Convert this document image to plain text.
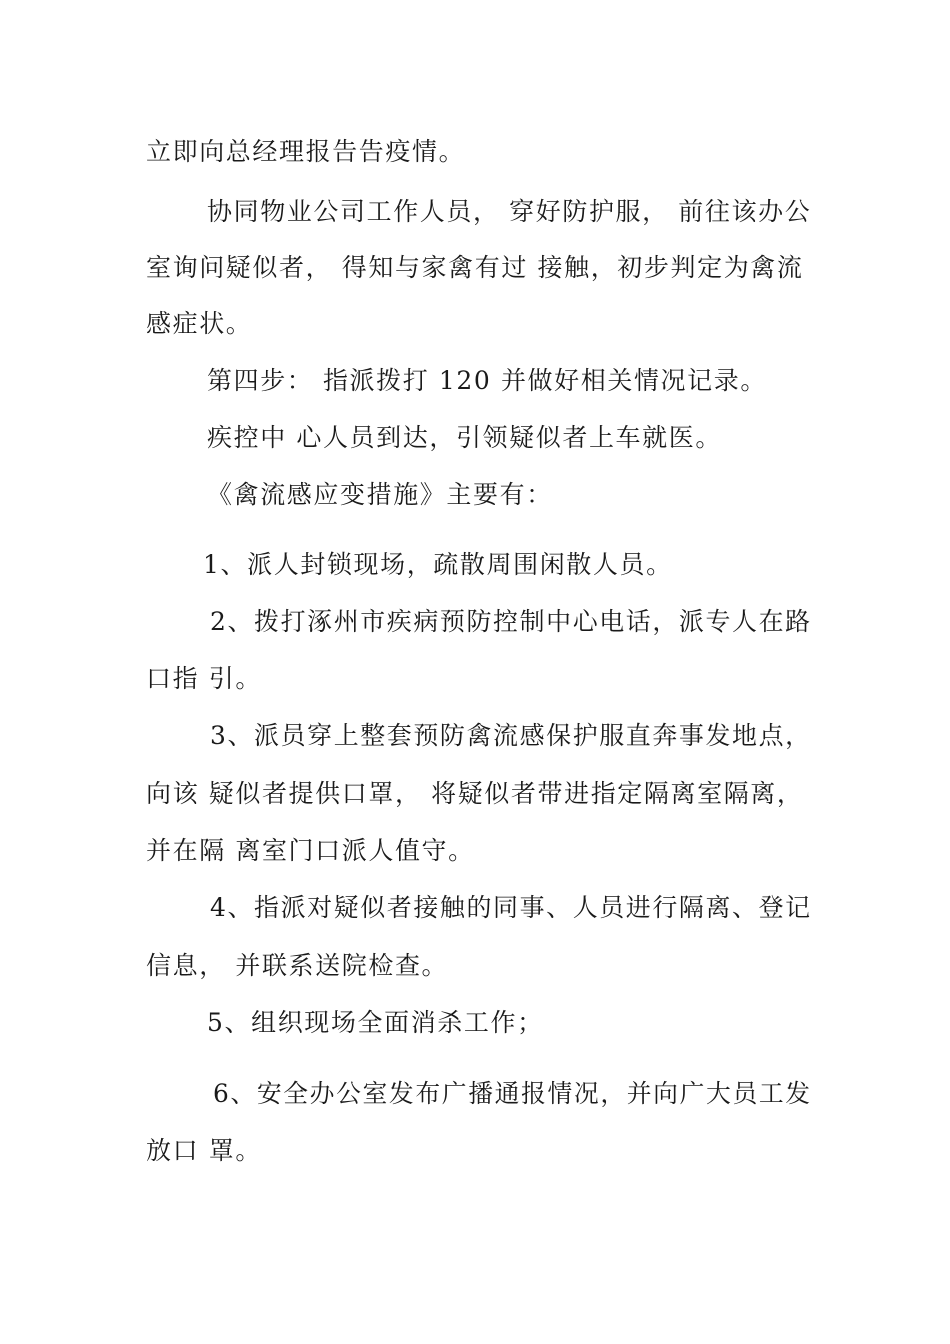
立即向总经理报告告疫情。
协同物业公司工作人员， 穿好防护服， 前往该办公
室询问疑似者， 得知与家禽有过 接触，初步判定为禽流
感症状。
第四步： 指派拨打 120 并做好相关情况记录。
疾控中 心人员到达，引领疑似者上车就医。
《禽流感应变措施》主要有：
1、派人封锁现场，疏散周围闲散人员。
2、拨打涿州市疾病预防控制中心电话，派专人在路
口指 引。
3、派员穿上整套预防禽流感保护服直奔事发地点，
向该 疑似者提供口罩， 将疑似者带进指定隔离室隔离，
并在隔 离室门口派人值守。
4、指派对疑似者接触的同事、人员进行隔离、登记
信息， 并联系送院检查。
5、组织现场全面消杀工作；
6、安全办公室发布广播通报情况，并向广大员工发
放口 罩。
